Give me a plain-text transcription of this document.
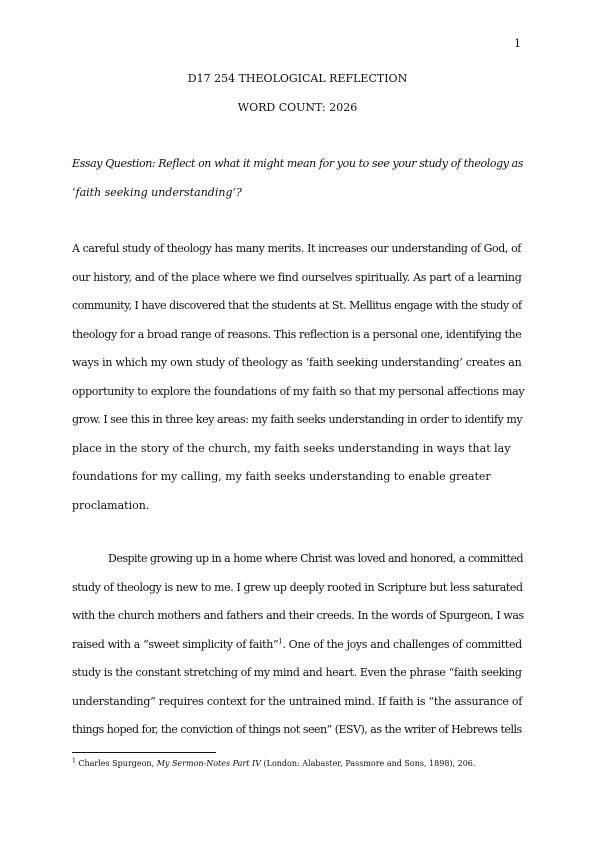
1
D17 254 THEOLOGICAL REFLECTION
WORD COUNT: 2026
Essay Question: Reflect on what it might mean for you to see your study of theology as
‘faith seeking understanding’?
A careful study of theology has many merits. It increases our understanding of God, of
our history, and of the place where we find ourselves spiritually. As part of a learning
community, I have discovered that the students at St. Mellitus engage with the study of
theology for a broad range of reasons. This reflection is a personal one, identifying the
ways in which my own study of theology as ‘faith seeking understanding’ creates an
opportunity to explore the foundations of my faith so that my personal affections may
grow. I see this in three key areas: my faith seeks understanding in order to identify my
place in the story of the church, my faith seeks understanding in ways that lay
foundations for my calling, my faith seeks understanding to enable greater
proclamation.
Despite growing up in a home where Christ was loved and honored, a committed
study of theology is new to me. I grew up deeply rooted in Scripture but less saturated
with the church mothers and fathers and their creeds. In the words of Spurgeon, I was
raised with a “sweet simplicity of faith”$^1$. One of the joys and challenges of committed
study is the constant stretching of my mind and heart. Even the phrase “faith seeking
understanding” requires context for the untrained mind. If faith is “the assurance of
things hoped for, the conviction of things not seen” (ESV), as the writer of Hebrews tells
$^1$ Charles Spurgeon, My Sermon-Notes Part IV (London: Alabaster, Passmore and Sons, 1898), 206.
